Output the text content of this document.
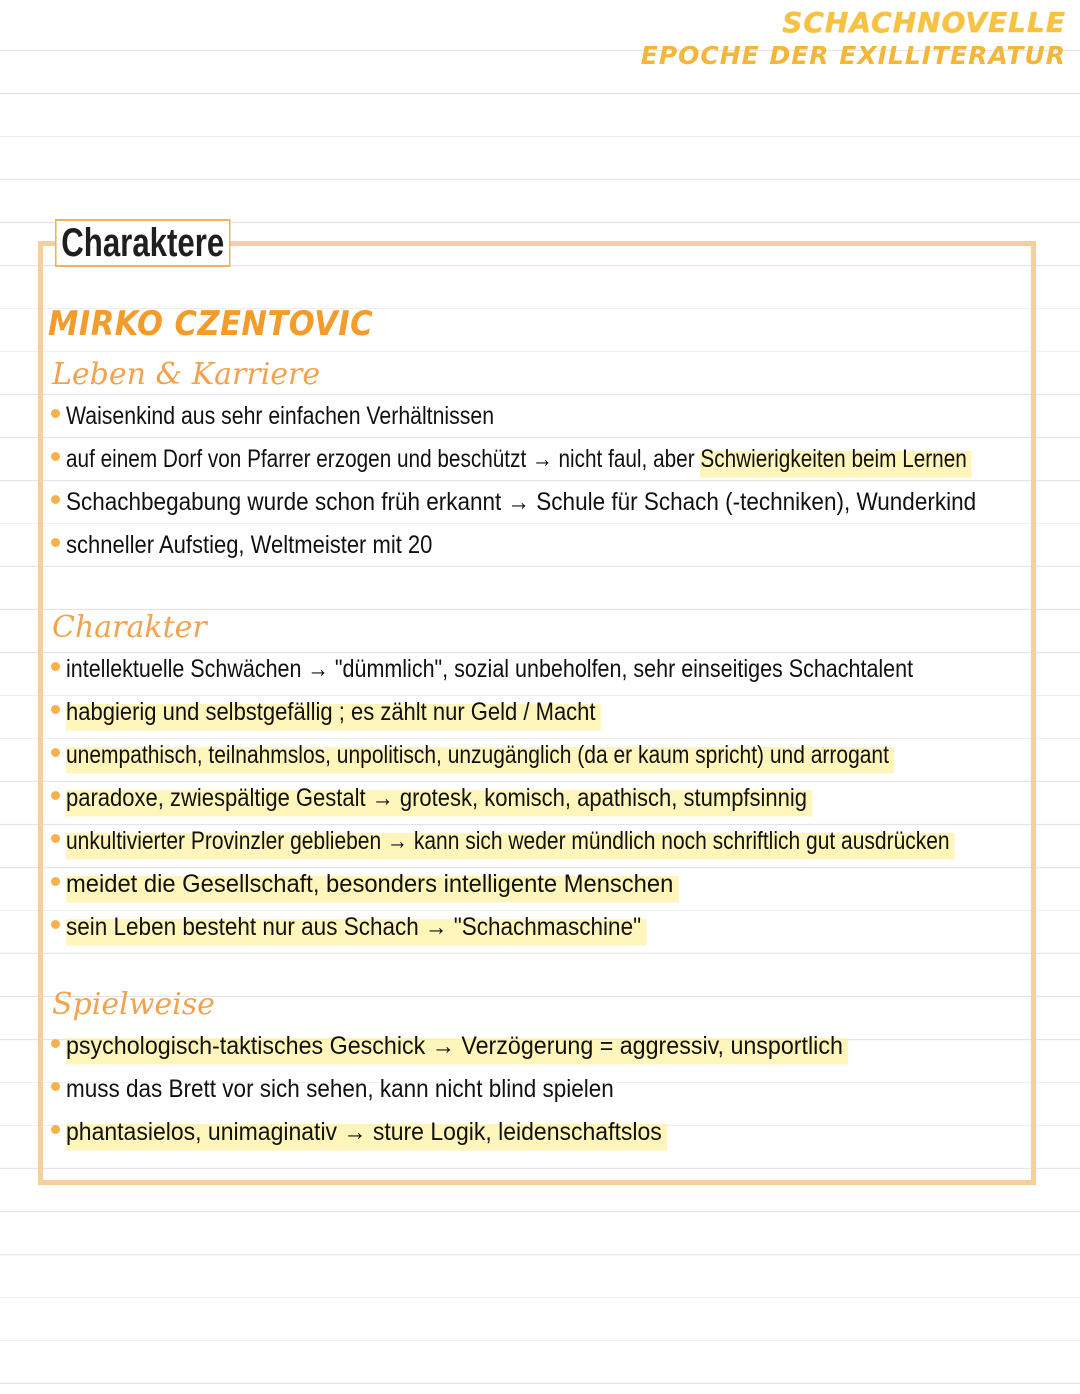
SCHACHNOVELLE
EPOCHE DER EXILLITERATUR
Charaktere
MIRKO CZENTOVIC
Leben & Karriere
Waisenkind aus sehr einfachen Verhältnissen
auf einem Dorf von Pfarrer erzogen und beschützt → nicht faul, aber Schwierigkeiten beim Lernen
Schachbegabung wurde schon früh erkannt → Schule für Schach (-techniken), Wunderkind
schneller Aufstieg, Weltmeister mit 20
Charakter
intellektuelle Schwächen → "dümmlich", sozial unbeholfen, sehr einseitiges Schachtalent
habgierig und selbstgefällig ; es zählt nur Geld / Macht
unempathisch, teilnahmslos, unpolitisch, unzugänglich (da er kaum spricht) und arrogant
paradoxe, zwiespältige Gestalt → grotesk, komisch, apathisch, stumpfsinnig
unkultivierter Provinzler geblieben → kann sich weder mündlich noch schriftlich gut ausdrücken
meidet die Gesellschaft, besonders intelligente Menschen
sein Leben besteht nur aus Schach → "Schachmaschine"
Spielweise
psychologisch-taktisches Geschick → Verzögerung = aggressiv, unsportlich
muss das Brett vor sich sehen, kann nicht blind spielen
phantasielos, unimaginativ → sture Logik, leidenschaftslos
